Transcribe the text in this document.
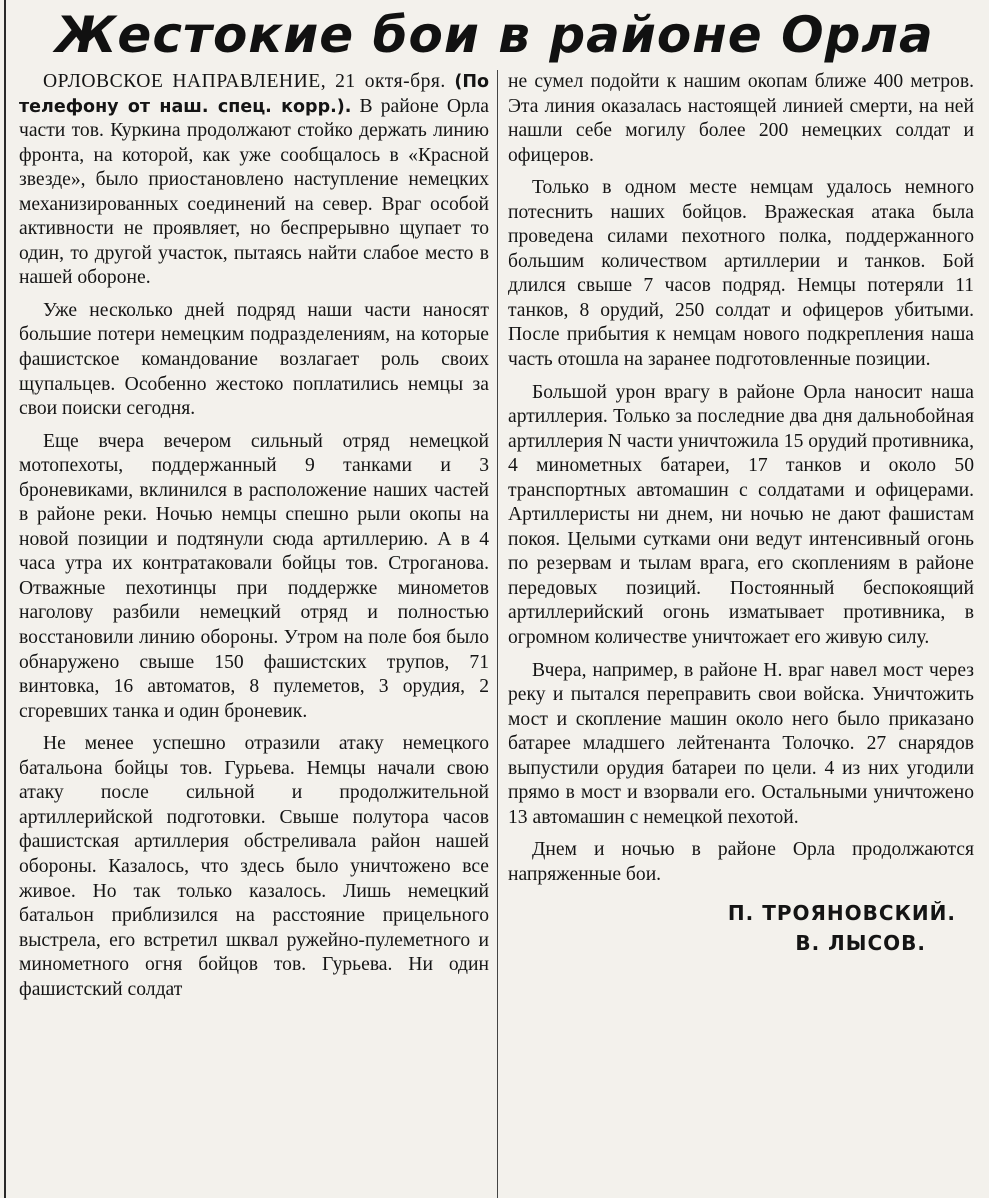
Жестокие бои в районе Орла

ОРЛОВСКОЕ НАПРАВЛЕНИЕ, 21 октя-бря. (По телефону от наш. спец. корр.). В районе Орла части тов. Куркина продолжают стойко держать линию фронта, на которой, как уже сообщалось в «Красной звезде», было приостановлено наступление немецких механизированных соединений на север. Враг особой активности не проявляет, но беспрерывно щупает то один, то другой участок, пытаясь найти слабое место в нашей обороне.

Уже несколько дней подряд наши части наносят большие потери немецким подразделениям, на которые фашистское командование возлагает роль своих щупальцев. Особенно жестоко поплатились немцы за свои поиски сегодня.

Еще вчера вечером сильный отряд немецкой мотопехоты, поддержанный 9 танками и 3 броневиками, вклинился в расположение наших частей в районе реки. Ночью немцы спешно рыли окопы на новой позиции и подтянули сюда артиллерию. А в 4 часа утра их контратаковали бойцы тов. Строганова. Отважные пехотинцы при поддержке минометов наголову разбили немецкий отряд и полностью восстановили линию обороны. Утром на поле боя было обнаружено свыше 150 фашистских трупов, 71 винтовка, 16 автоматов, 8 пулеметов, 3 орудия, 2 сгоревших танка и один броневик.

Не менее успешно отразили атаку немецкого батальона бойцы тов. Гурьева. Немцы начали свою атаку после сильной и продолжительной артиллерийской подготовки. Свыше полутора часов фашистская артиллерия обстреливала район нашей обороны. Казалось, что здесь было уничтожено все живое. Но так только казалось. Лишь немецкий батальон приблизился на расстояние прицельного выстрела, его встретил шквал ружейно-пулеметного и минометного огня бойцов тов. Гурьева. Ни один фашистский солдат

не сумел подойти к нашим окопам ближе 400 метров. Эта линия оказалась настоящей линией смерти, на ней нашли себе могилу более 200 немецких солдат и офицеров.

Только в одном месте немцам удалось немного потеснить наших бойцов. Вражеская атака была проведена силами пехотного полка, поддержанного большим количеством артиллерии и танков. Бой длился свыше 7 часов подряд. Немцы потеряли 11 танков, 8 орудий, 250 солдат и офицеров убитыми. После прибытия к немцам нового подкрепления наша часть отошла на заранее подготовленные позиции.

Большой урон врагу в районе Орла наносит наша артиллерия. Только за последние два дня дальнобойная артиллерия N части уничтожила 15 орудий противника, 4 минометных батареи, 17 танков и около 50 транспортных автомашин с солдатами и офицерами. Артиллеристы ни днем, ни ночью не дают фашистам покоя. Целыми сутками они ведут интенсивный огонь по резервам и тылам врага, его скоплениям в районе передовых позиций. Постоянный беспокоящий артиллерийский огонь изматывает противника, в огромном количестве уничтожает его живую силу.

Вчера, например, в районе Н. враг навел мост через реку и пытался переправить свои войска. Уничтожить мост и скопление машин около него было приказано батарее младшего лейтенанта Толочко. 27 снарядов выпустили орудия батареи по цели. 4 из них угодили прямо в мост и взорвали его. Остальными уничтожено 13 автомашин с немецкой пехотой.

Днем и ночью в районе Орла продолжаются напряженные бои.

П. ТРОЯНОВСКИЙ.
В. ЛЫСОВ.
